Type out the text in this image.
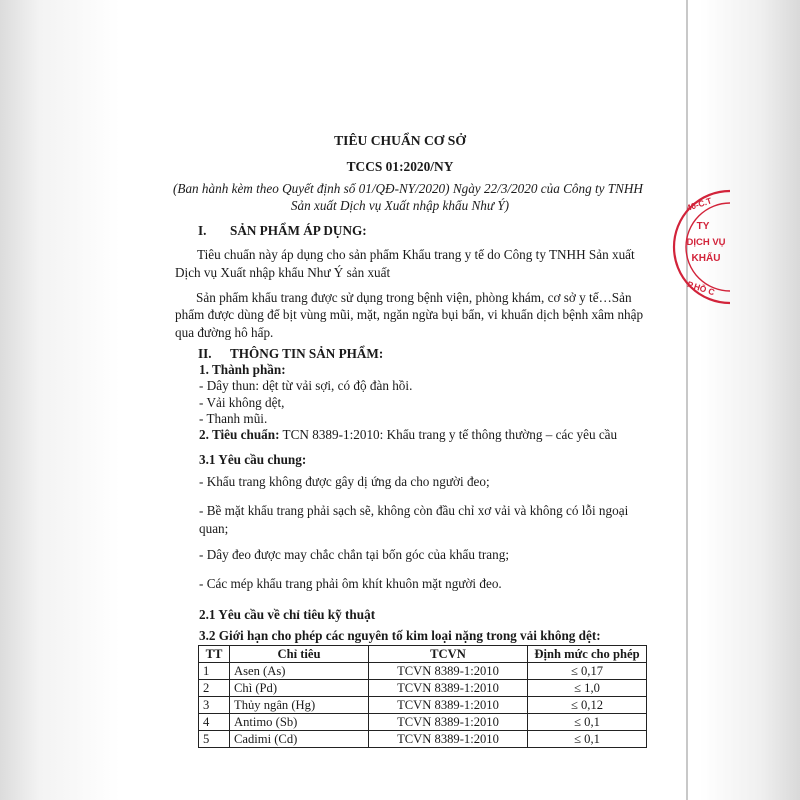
TIÊU CHUẨN CƠ SỞ
TCCS 01:2020/NY
(Ban hành kèm theo Quyết định số 01/QĐ-NY/2020) Ngày 22/3/2020 của Công ty TNHH
Sản xuất Dịch vụ Xuất nhập khẩu Như Ý)
I. SẢN PHẨM ÁP DỤNG:
Tiêu chuẩn này áp dụng cho sản phẩm Khẩu trang y tế do Công ty TNHH Sản xuất
Dịch vụ Xuất nhập khẩu Như Ý sản xuất
Sản phẩm khẩu trang được sử dụng trong bệnh viện, phòng khám, cơ sở y tế…Sản
phẩm được dùng để bịt vùng mũi, mặt, ngăn ngừa bụi bẩn, vi khuẩn dịch bệnh xâm nhập
qua đường hô hấp.
II. THÔNG TIN SẢN PHẨM:
1. Thành phần:
- Dây thun: dệt từ vải sợi, có độ đàn hồi.
- Vải không dệt,
- Thanh mũi.
2. Tiêu chuẩn: TCN 8389-1:2010: Khẩu trang y tế thông thường – các yêu cầu
3.1 Yêu cầu chung:
- Khẩu trang không được gây dị ứng da cho người đeo;
- Bề mặt khẩu trang phải sạch sẽ, không còn đầu chỉ xơ vải và không có lỗi ngoại
quan;
- Dây đeo được may chắc chắn tại bốn góc của khẩu trang;
- Các mép khẩu trang phải ôm khít khuôn mặt người đeo.
2.1 Yêu cầu về chỉ tiêu kỹ thuật
3.2 Giới hạn cho phép các nguyên tố kim loại nặng trong vải không dệt:
TT	Chỉ tiêu	TCVN	Định mức cho phép
1	Asen (As)	TCVN 8389-1:2010	≤ 0,17
2	Chì (Pd)	TCVN 8389-1:2010	≤ 1,0
3	Thủy ngân (Hg)	TCVN 8389-1:2010	≤ 0,12
4	Antimo (Sb)	TCVN 8389-1:2010	≤ 0,1
5	Cadimi (Cd)	TCVN 8389-1:2010	≤ 0,1
40-C.T
TY
DỊCH VỤ
KHẨU
P.HỒ C
